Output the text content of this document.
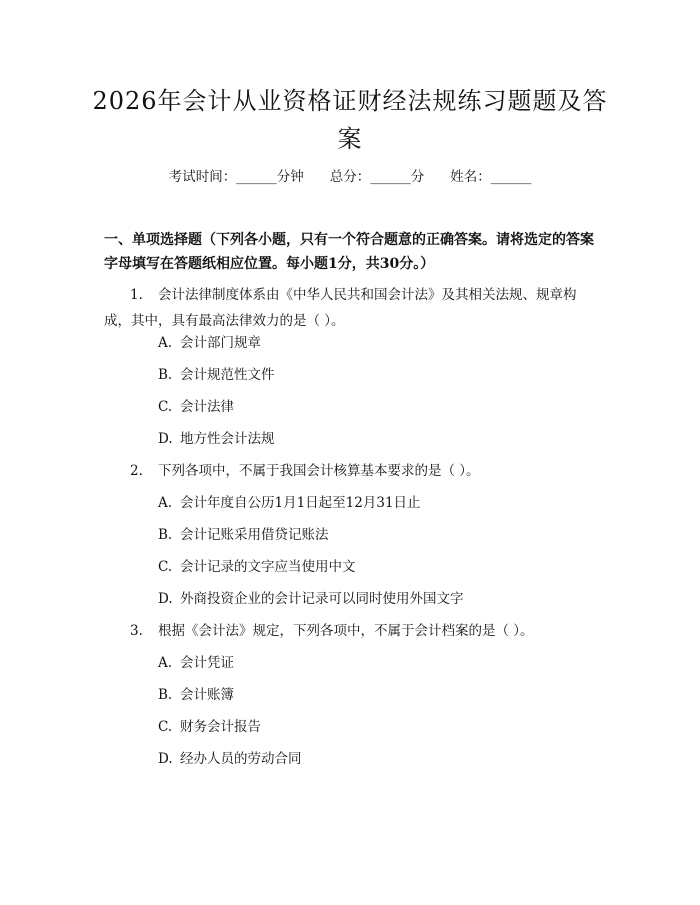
2026年会计从业资格证财经法规练习题题及答案
考试时间：______分钟 总分：______分 姓名：______
一、单项选择题（下列各小题，只有一个符合题意的正确答案。请将选定的答案字母填写在答题纸相应位置。每小题1分，共30分。）
1. 会计法律制度体系由《中华人民共和国会计法》及其相关法规、规章构成，其中，具有最高法律效力的是（ ）。
A. 会计部门规章
B. 会计规范性文件
C. 会计法律
D. 地方性会计法规
2. 下列各项中，不属于我国会计核算基本要求的是（ ）。
A. 会计年度自公历1月1日起至12月31日止
B. 会计记账采用借贷记账法
C. 会计记录的文字应当使用中文
D. 外商投资企业的会计记录可以同时使用外国文字
3. 根据《会计法》规定，下列各项中，不属于会计档案的是（ ）。
A. 会计凭证
B. 会计账簿
C. 财务会计报告
D. 经办人员的劳动合同
